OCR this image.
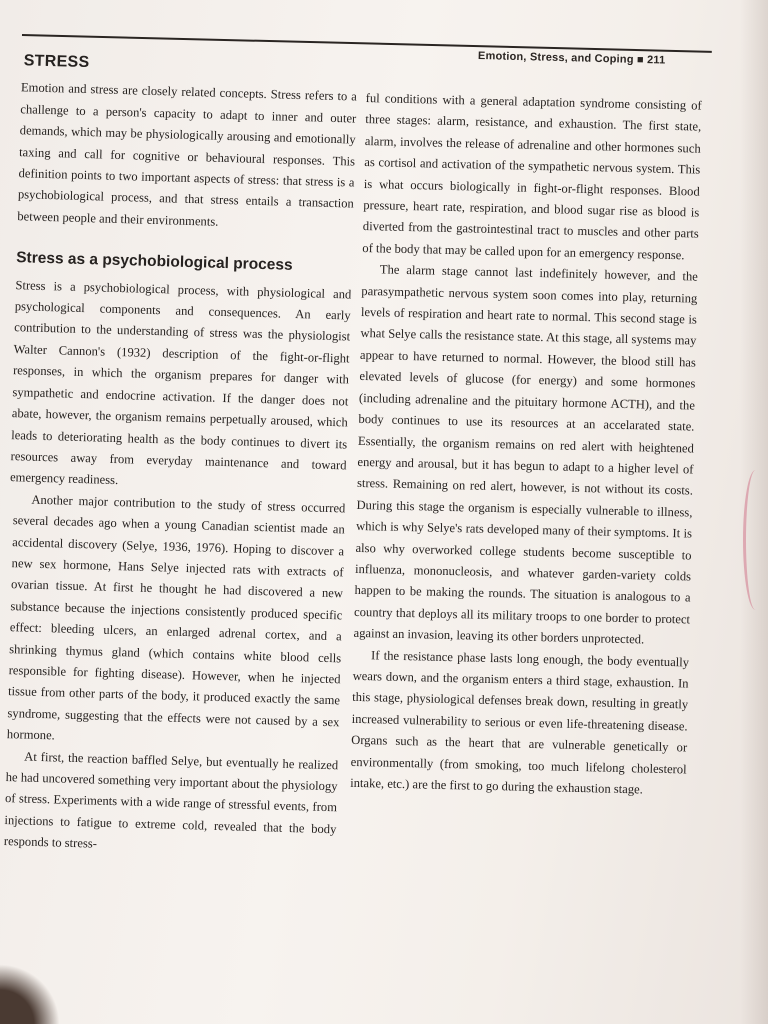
Emotion, Stress, and Coping ■ 211
STRESS

Emotion and stress are closely related concepts. Stress refers to a challenge to a person's capacity to adapt to inner and outer demands, which may be physiologically arousing and emotionally taxing and call for cognitive or behavioural responses. This definition points to two important aspects of stress: that stress is a psychobiological process, and that stress entails a transaction between people and their environments.

Stress as a psychobiological process

Stress is a psychobiological process, with physiological and psychological components and consequences. An early contribution to the understanding of stress was the physiologist Walter Cannon's (1932) description of the fight-or-flight responses, in which the organism prepares for danger with sympathetic and endocrine activation. If the danger does not abate, however, the organism remains perpetually aroused, which leads to deteriorating health as the body continues to divert its resources away from everyday maintenance and toward emergency readiness.

Another major contribution to the study of stress occurred several decades ago when a young Canadian scientist made an accidental discovery (Selye, 1936, 1976). Hoping to discover a new sex hormone, Hans Selye injected rats with extracts of ovarian tissue. At first he thought he had discovered a new substance because the injections consistently produced specific effect: bleeding ulcers, an enlarged adrenal cortex, and a shrinking thymus gland (which contains white blood cells responsible for fighting disease). However, when he injected tissue from other parts of the body, it produced exactly the same syndrome, suggesting that the effects were not caused by a sex hormone.

At first, the reaction baffled Selye, but eventually he realized he had uncovered something very important about the physiology of stress. Experiments with a wide range of stressful events, from injections to fatigue to extreme cold, revealed that the body responds to stress-

ful conditions with a general adaptation syndrome consisting of three stages: alarm, resistance, and exhaustion. The first state, alarm, involves the release of adrenaline and other hormones such as cortisol and activation of the sympathetic nervous system. This is what occurs biologically in fight-or-flight responses. Blood pressure, heart rate, respiration, and blood sugar rise as blood is diverted from the gastrointestinal tract to muscles and other parts of the body that may be called upon for an emergency response.

The alarm stage cannot last indefinitely however, and the parasympathetic nervous system soon comes into play, returning levels of respiration and heart rate to normal. This second stage is what Selye calls the resistance state. At this stage, all systems may appear to have returned to normal. However, the blood still has elevated levels of glucose (for energy) and some hormones (including adrenaline and the pituitary hormone ACTH), and the body continues to use its resources at an accelarated state. Essentially, the organism remains on red alert with heightened energy and arousal, but it has begun to adapt to a higher level of stress. Remaining on red alert, however, is not without its costs. During this stage the organism is especially vulnerable to illness, which is why Selye's rats developed many of their symptoms. It is also why overworked college students become susceptible to influenza, mononucleosis, and whatever garden-variety colds happen to be making the rounds. The situation is analogous to a country that deploys all its military troops to one border to protect against an invasion, leaving its other borders unprotected.

If the resistance phase lasts long enough, the body eventually wears down, and the organism enters a third stage, exhaustion. In this stage, physiological defenses break down, resulting in greatly increased vulnerability to serious or even life-threatening disease. Organs such as the heart that are vulnerable genetically or environmentally (from smoking, too much lifelong cholesterol intake, etc.) are the first to go during the exhaustion stage.
